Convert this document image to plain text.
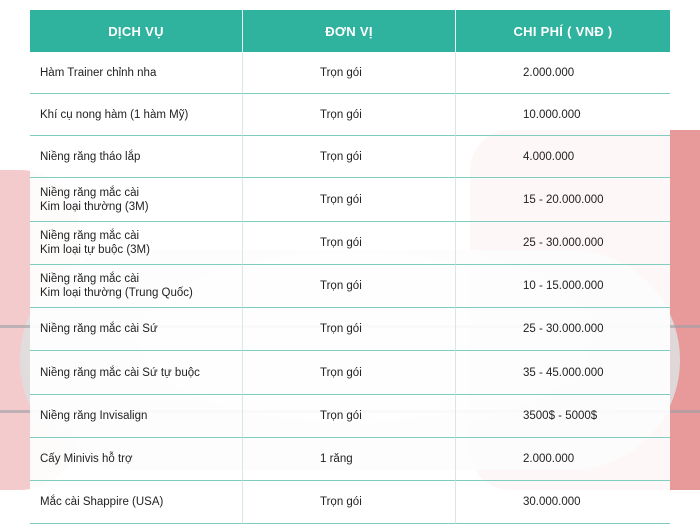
DỊCH VỤ	ĐƠN VỊ	CHI PHÍ ( VNĐ )

Hàm Trainer chỉnh nha	Trọn gói	2.000.000

Khí cụ nong hàm (1 hàm Mỹ)	Trọn gói	10.000.000

Niềng răng tháo lắp	Trọn gói	4.000.000

Niềng răng mắc cài
Kim loại thường (3M)	Trọn gói	15 - 20.000.000

Niềng răng mắc cài
Kim loại tự buộc (3M)	Trọn gói	25 - 30.000.000

Niềng răng mắc cài
Kim loại thường (Trung Quốc)	Trọn gói	10 - 15.000.000

Niềng răng mắc cài Sứ	Trọn gói	25 - 30.000.000

Niềng răng mắc cài Sứ tự buộc	Trọn gói	35 - 45.000.000

Niềng răng Invisalign	Trọn gói	3500$ - 5000$

Cấy Minivis hỗ trợ	1 răng	2.000.000

Mắc cài Shappire (USA)	Trọn gói	30.000.000
